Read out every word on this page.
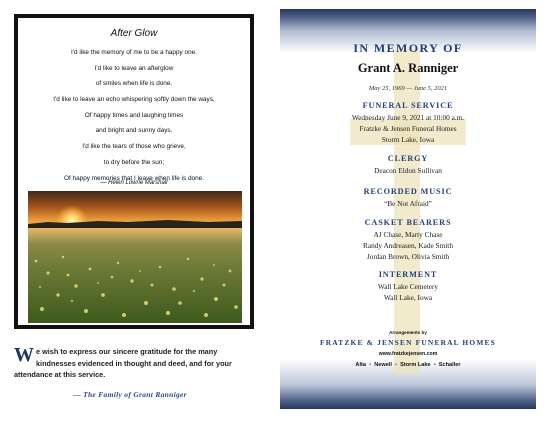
After Glow
I'd like the memory of me to be a happy one.
I'd like to leave an afterglow
of smiles when life is done.
I'd like to leave an echo whispering softly down the ways,
Of happy times and laughing times
and bright and sunny days.
I'd like the tears of those who grieve,
to dry before the sun;
Of happy memories that I leave when life is done.
— Helen Lowrie Marshall
We wish to express our sincere gratitude for the many kindnesses evidenced in thought and deed, and for your attendance at this service.
— The Family of Grant Ranniger
IN MEMORY OF
Grant A. Ranniger
May 25, 1969 — June 5, 2021
FUNERAL SERVICE
Wednesday June 9, 2021 at 10:00 a.m.
Fratzke & Jensen Funeral Homes
Storm Lake, Iowa
CLERGY
Deacon Eldon Sullivan
RECORDED MUSIC
“Be Not Afraid”
CASKET BEARERS
AJ Chase, Marty Chase
Randy Andreasen, Kade Smith
Jordan Brown, Olivia Smith
INTERMENT
Wall Lake Cemetery
Wall Lake, Iowa
Arrangements by
FRATZKE & JENSEN FUNERAL HOMES
www.fratzkejensen.com
Alta  •  Newell  •  Storm Lake  •  Schaller
